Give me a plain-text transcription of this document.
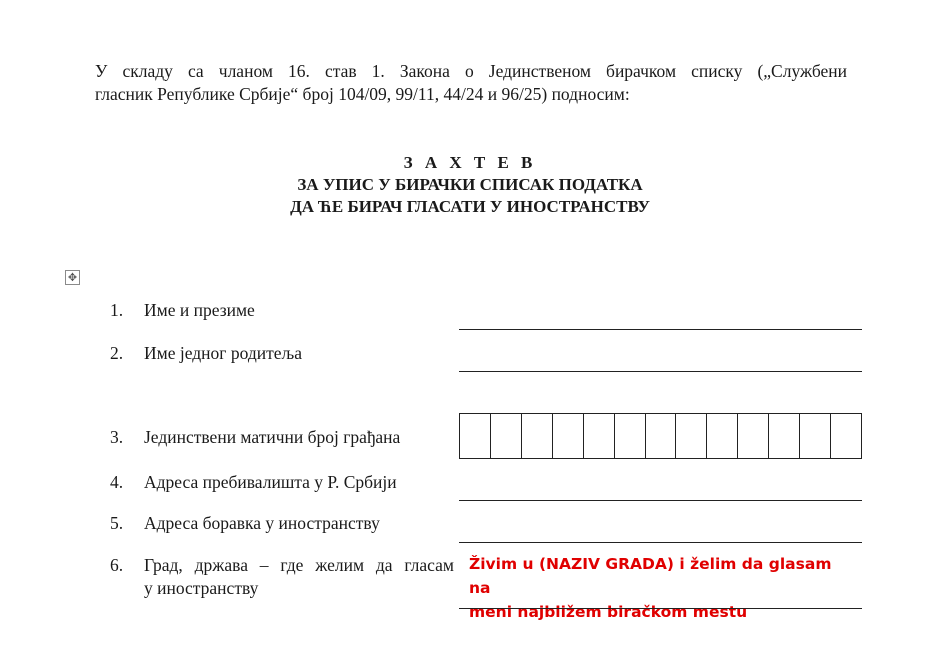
У складу са чланом 16. став 1. Закона о Јединственом бирачком списку („Службени

гласник Републике Србије“ број 104/09, 99/11, 44/24 и 96/25) подносим:

З А Х Т Е В
ЗА УПИС У БИРАЧКИ СПИСАК ПОДАТКА
ДА ЋЕ БИРАЧ ГЛАСАТИ У ИНОСТРАНСТВУ
✥
1. Име и презиме
2. Име једног родитеља
3. Јединствени матични број грађана
4. Адреса пребивалишта у Р. Србији
5. Адреса боравка у иностранству
6. Град, држава – где желим да гласам
у иностранству
Živim u (NAZIV GRADA) i želim da glasam na
meni najbližem biračkom mestu
